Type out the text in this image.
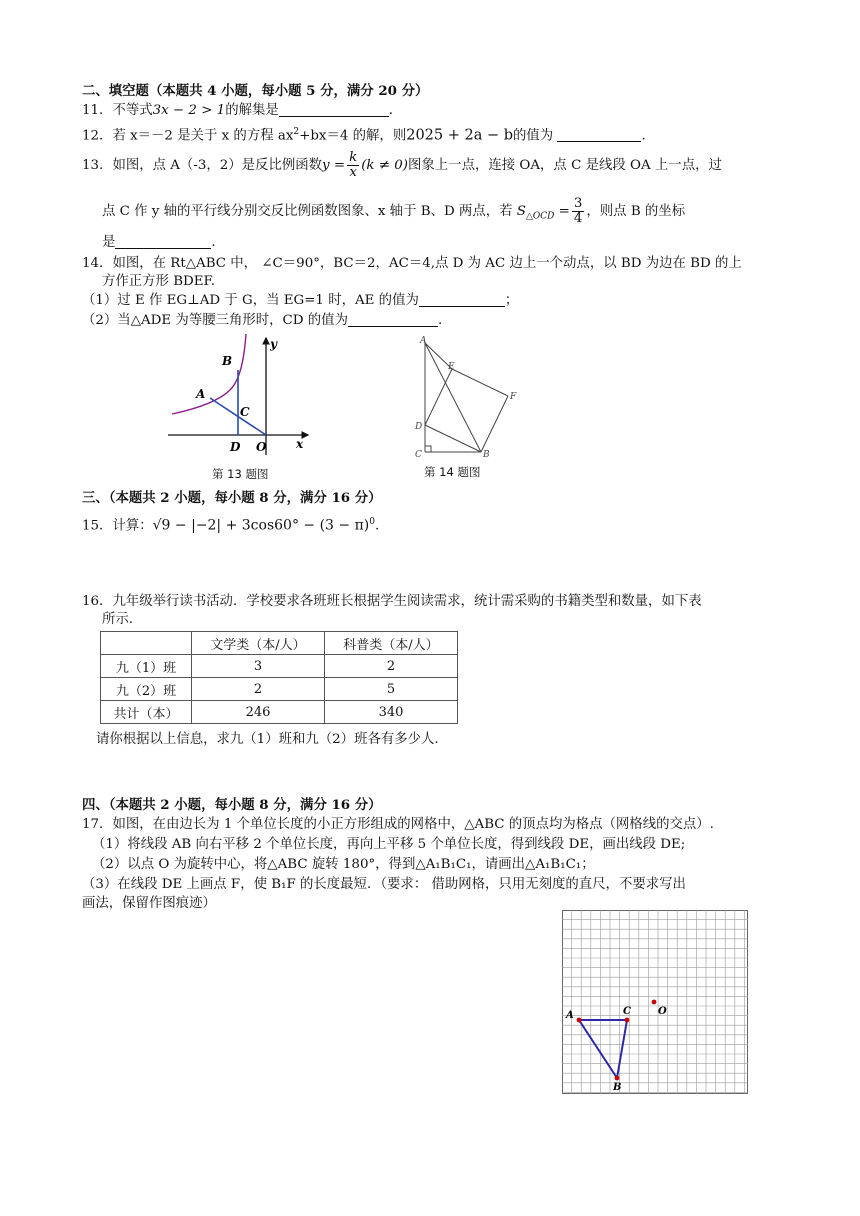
二、填空题（本题共 4 小题，每小题 5 分，满分 20 分）
11．不等式3x − 2 > 1的解集是	.
12．若 x＝－2 是关于 x 的方程 $ax^2+bx=4$ 的解，则2025 + 2a − b的值为	.
13．如图，点 A（-3，2）是反比例函数$y = \frac{k}{x} (k \ne 0)$图象上一点，连接 OA，点 C 是线段 OA 上一点，过
点 C 作 y 轴的平行线分别交反比例函数图象、x 轴于 B、D 两点，若 $S_{\triangle OCD} = \frac{3}{4}$ ，则点 B 的坐标
是	.
14．如图，在 Rt△ABC 中， ∠C＝90°，BC＝2，AC＝4,点 D 为 AC 边上一个动点，以 BD 为边在 BD 的上
方作正方形 BDEF.
（1）过 E 作 EG⊥AD 于 G，当 EG=1 时，AE 的值为	；
（2）当△ADE 为等腰三角形时，CD 的值为	.
B
A
C
D O x
y
第 13 题图
A
E
F
D
C	B
第 14 题图
三、（本题共 2 小题，每小题 8 分，满分 16 分）
15．计算：$√9 - |-2| + 3\cos 60^\circ - (3 - \pi)^0$.
16．九年级举行读书活动．学校要求各班班长根据学生阅读需求，统计需采购的书籍类型和数量，如下表
所示.
	文学类（本/人）	科普类（本/人）
九（1）班	3	2
九（2）班	2	5
共计（本）	246	340
请你根据以上信息，求九（1）班和九（2）班各有多少人.
四、（本题共 2 小题，每小题 8 分，满分 16 分）
17．如图，在由边长为 1 个单位长度的小正方形组成的网格中，△ABC 的顶点均为格点（网格线的交点）.
（1）将线段 AB 向右平移 2 个单位长度，再向上平移 5 个单位长度，得到线段 DE，画出线段 DE;
（2）以点 O 为旋转中心，将△ABC 旋转 180°，得到△A₁B₁C₁，请画出△A₁B₁C₁；
（3）在线段 DE 上画点 F，使 B₁F 的长度最短．（要求： 借助网格，只用无刻度的直尺，不要求写出
画法，保留作图痕迹）
A	C	O
B
